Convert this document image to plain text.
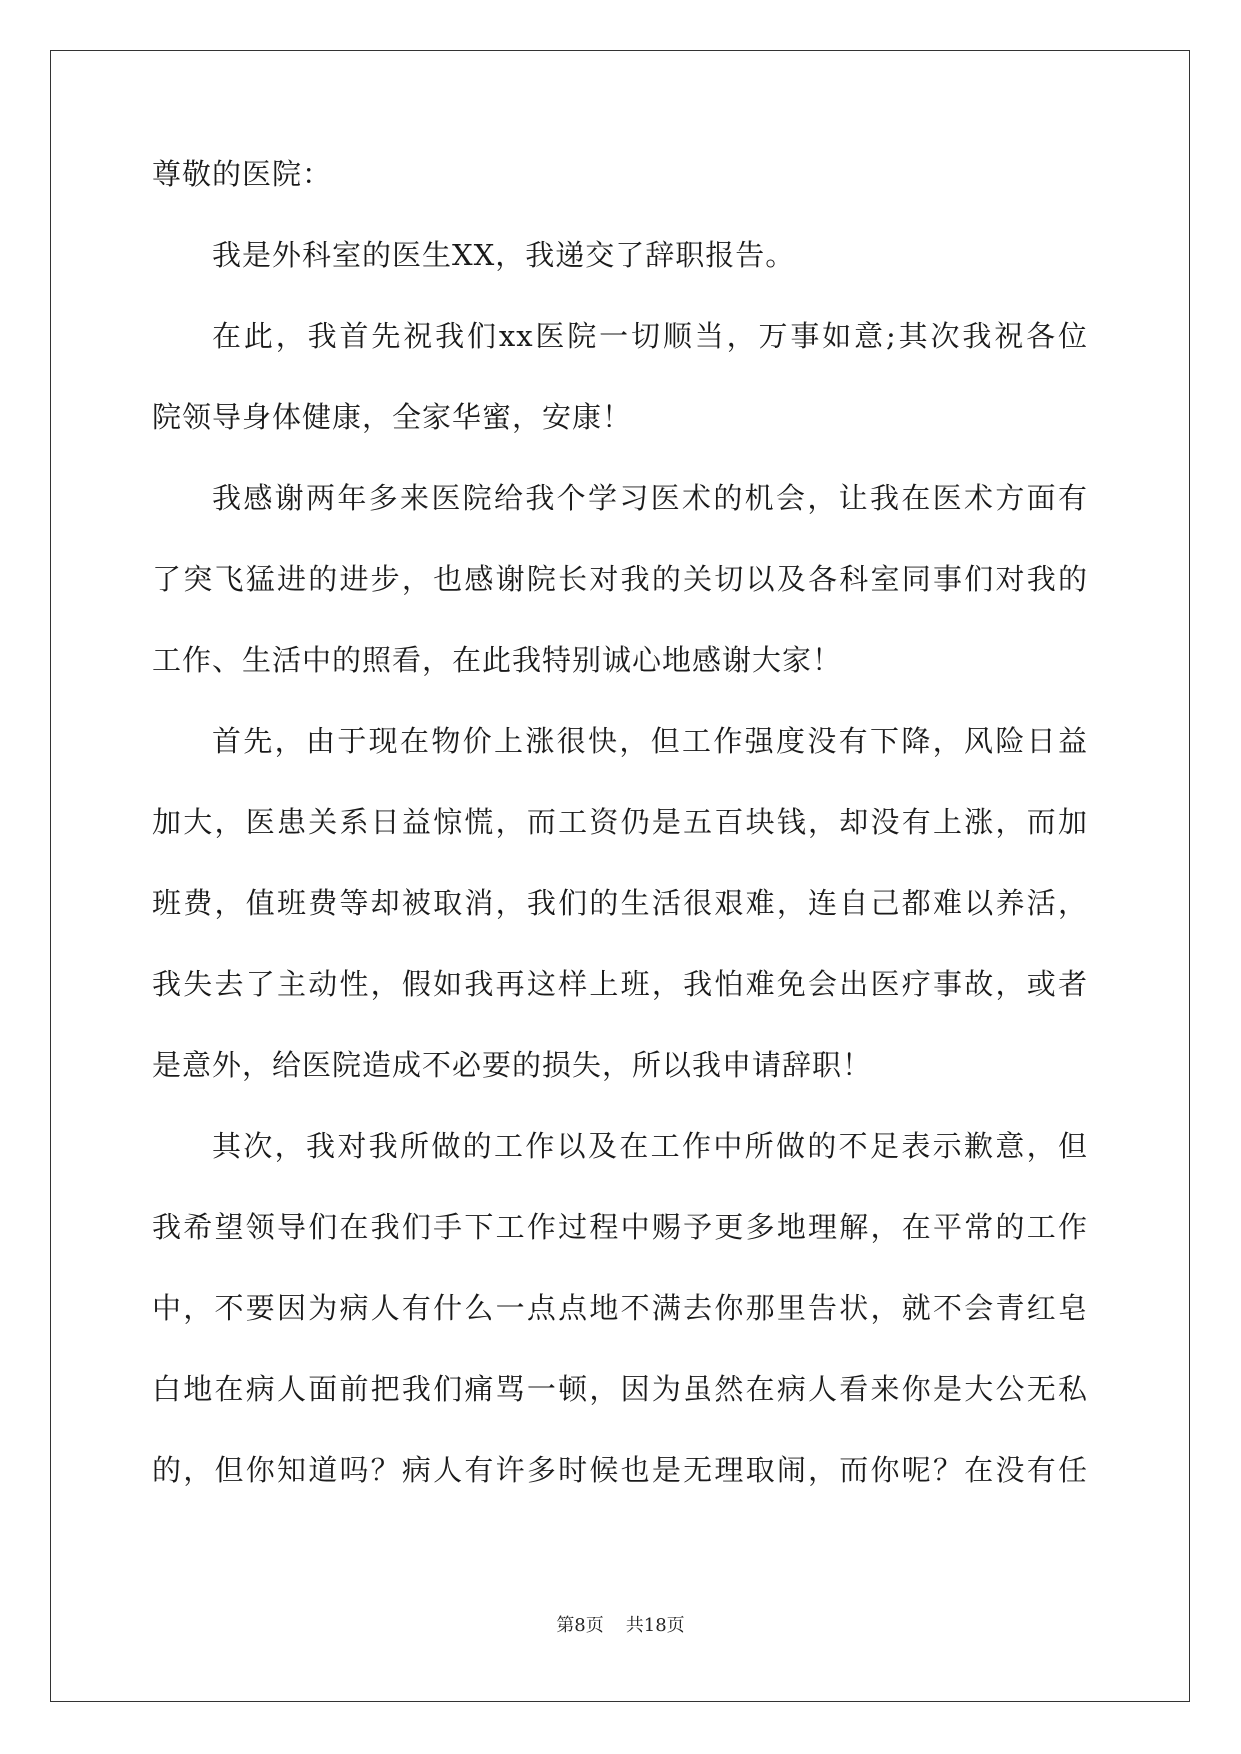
尊敬的医院：

我是外科室的医生XX，我递交了辞职报告。

在此，我首先祝我们xx医院一切顺当，万事如意;其次我祝各位
院领导身体健康，全家华蜜，安康！

我感谢两年多来医院给我个学习医术的机会，让我在医术方面有
了突飞猛进的进步，也感谢院长对我的关切以及各科室同事们对我的
工作、生活中的照看，在此我特别诚心地感谢大家！

首先，由于现在物价上涨很快，但工作强度没有下降，风险日益
加大，医患关系日益惊慌，而工资仍是五百块钱，却没有上涨，而加
班费，值班费等却被取消，我们的生活很艰难，连自己都难以养活，
我失去了主动性，假如我再这样上班，我怕难免会出医疗事故，或者
是意外，给医院造成不必要的损失，所以我申请辞职！

其次，我对我所做的工作以及在工作中所做的不足表示歉意，但
我希望领导们在我们手下工作过程中赐予更多地理解，在平常的工作
中，不要因为病人有什么一点点地不满去你那里告状，就不会青红皂
白地在病人面前把我们痛骂一顿，因为虽然在病人看来你是大公无私
的，但你知道吗？病人有许多时候也是无理取闹，而你呢？在没有任

第8页 共18页
